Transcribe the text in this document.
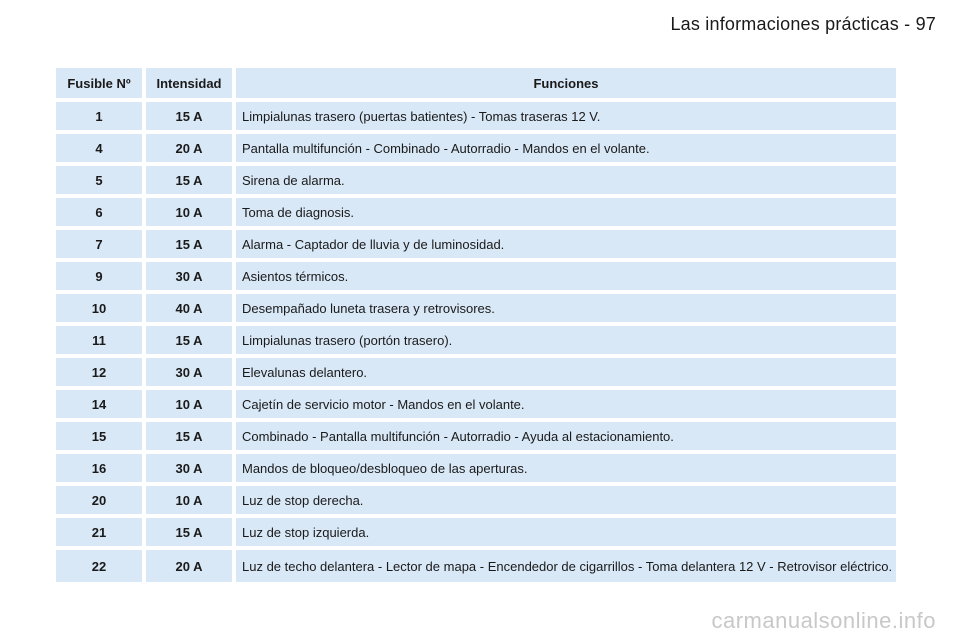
Las informaciones prácticas - 97
Fusible Nº	Intensidad	Funciones
1	15 A	Limpialunas trasero (puertas batientes) - Tomas traseras 12 V.
4	20 A	Pantalla multifunción - Combinado - Autorradio - Mandos en el volante.
5	15 A	Sirena de alarma.
6	10 A	Toma de diagnosis.
7	15 A	Alarma - Captador de lluvia y de luminosidad.
9	30 A	Asientos térmicos.
10	40 A	Desempañado luneta trasera y retrovisores.
11	15 A	Limpialunas trasero (portón trasero).
12	30 A	Elevalunas delantero.
14	10 A	Cajetín de servicio motor - Mandos en el volante.
15	15 A	Combinado - Pantalla multifunción - Autorradio - Ayuda al estacionamiento.
16	30 A	Mandos de bloqueo/desbloqueo de las aperturas.
20	10 A	Luz de stop derecha.
21	15 A	Luz de stop izquierda.
22	20 A	Luz de techo delantera - Lector de mapa - Encendedor de cigarrillos - Toma delantera 12 V - Retrovisor eléctrico.
carmanualsonline.info
